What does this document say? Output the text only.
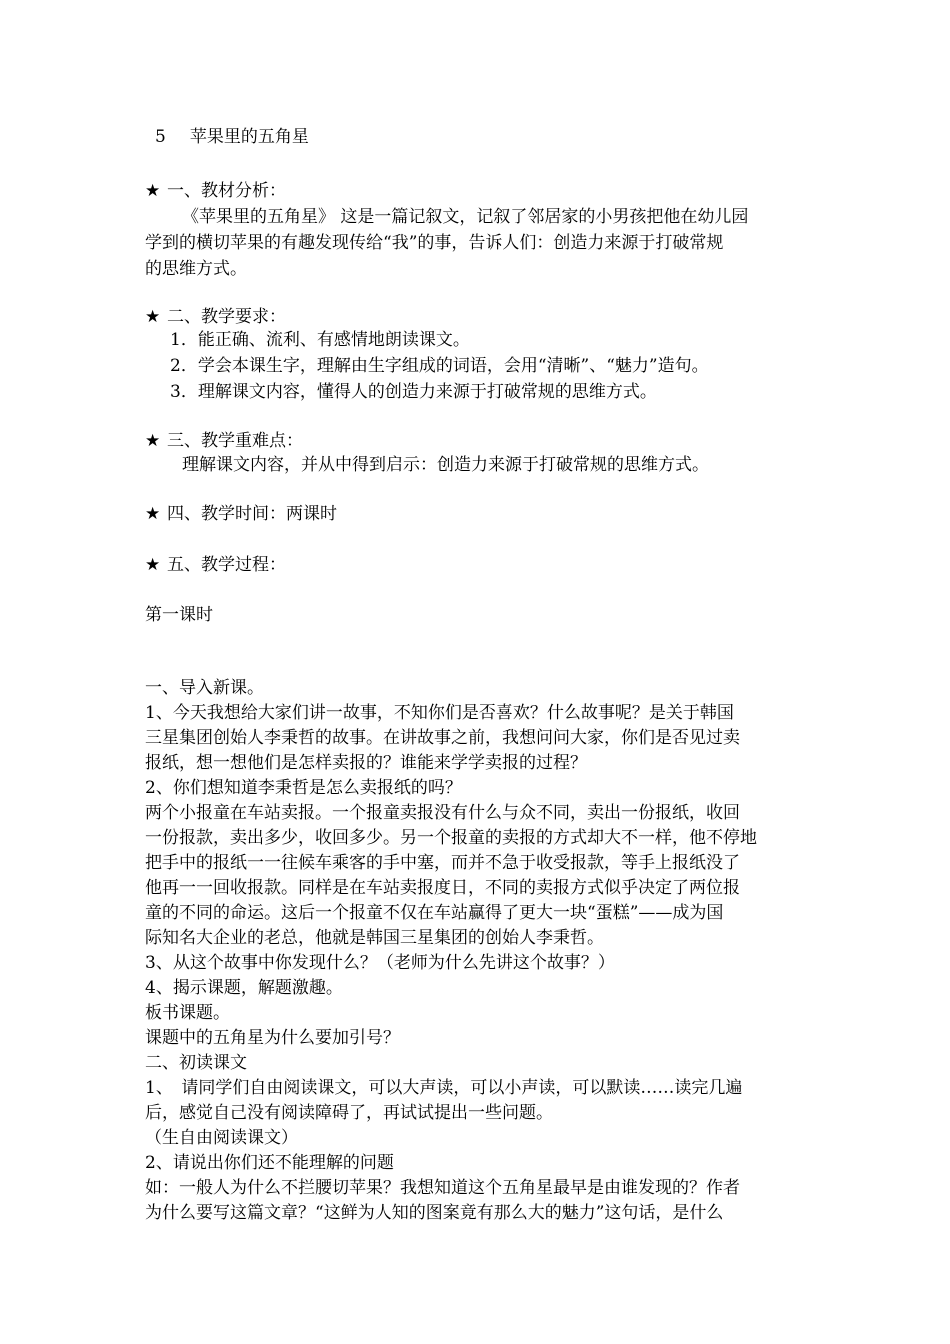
5 苹果里的五角星
★ 一、教材分析：
《苹果里的五角星》 这是一篇记叙文，记叙了邻居家的小男孩把他在幼儿园
学到的横切苹果的有趣发现传给“我”的事，告诉人们：创造力来源于打破常规
的思维方式。
★ 二、教学要求：
1．能正确、流利、有感情地朗读课文。
2．学会本课生字，理解由生字组成的词语，会用“清晰”、“魅力”造句。
3．理解课文内容，懂得人的创造力来源于打破常规的思维方式。
★ 三、教学重难点：
理解课文内容，并从中得到启示：创造力来源于打破常规的思维方式。
★ 四、教学时间：两课时
★ 五、教学过程：
第一课时
一、导入新课。
1、今天我想给大家们讲一故事，不知你们是否喜欢？什么故事呢？是关于韩国
三星集团创始人李秉哲的故事。在讲故事之前，我想问问大家，你们是否见过卖
报纸，想一想他们是怎样卖报的？谁能来学学卖报的过程？
2、你们想知道李秉哲是怎么卖报纸的吗？
两个小报童在车站卖报。一个报童卖报没有什么与众不同，卖出一份报纸，收回
一份报款，卖出多少，收回多少。另一个报童的卖报的方式却大不一样，他不停地
把手中的报纸一一往候车乘客的手中塞，而并不急于收受报款，等手上报纸没了
他再一一回收报款。同样是在车站卖报度日，不同的卖报方式似乎决定了两位报
童的不同的命运。这后一个报童不仅在车站赢得了更大一块“蛋糕”——成为国
际知名大企业的老总，他就是韩国三星集团的创始人李秉哲。
3、从这个故事中你发现什么？（老师为什么先讲这个故事？）
4、揭示课题，解题激趣。
板书课题。
课题中的五角星为什么要加引号？
二、初读课文
1、　请同学们自由阅读课文，可以大声读，可以小声读，可以默读……读完几遍
后，感觉自己没有阅读障碍了，再试试提出一些问题。
（生自由阅读课文）
2、请说出你们还不能理解的问题
如：一般人为什么不拦腰切苹果？我想知道这个五角星最早是由谁发现的？作者
为什么要写这篇文章？“这鲜为人知的图案竟有那么大的魅力”这句话，是什么
